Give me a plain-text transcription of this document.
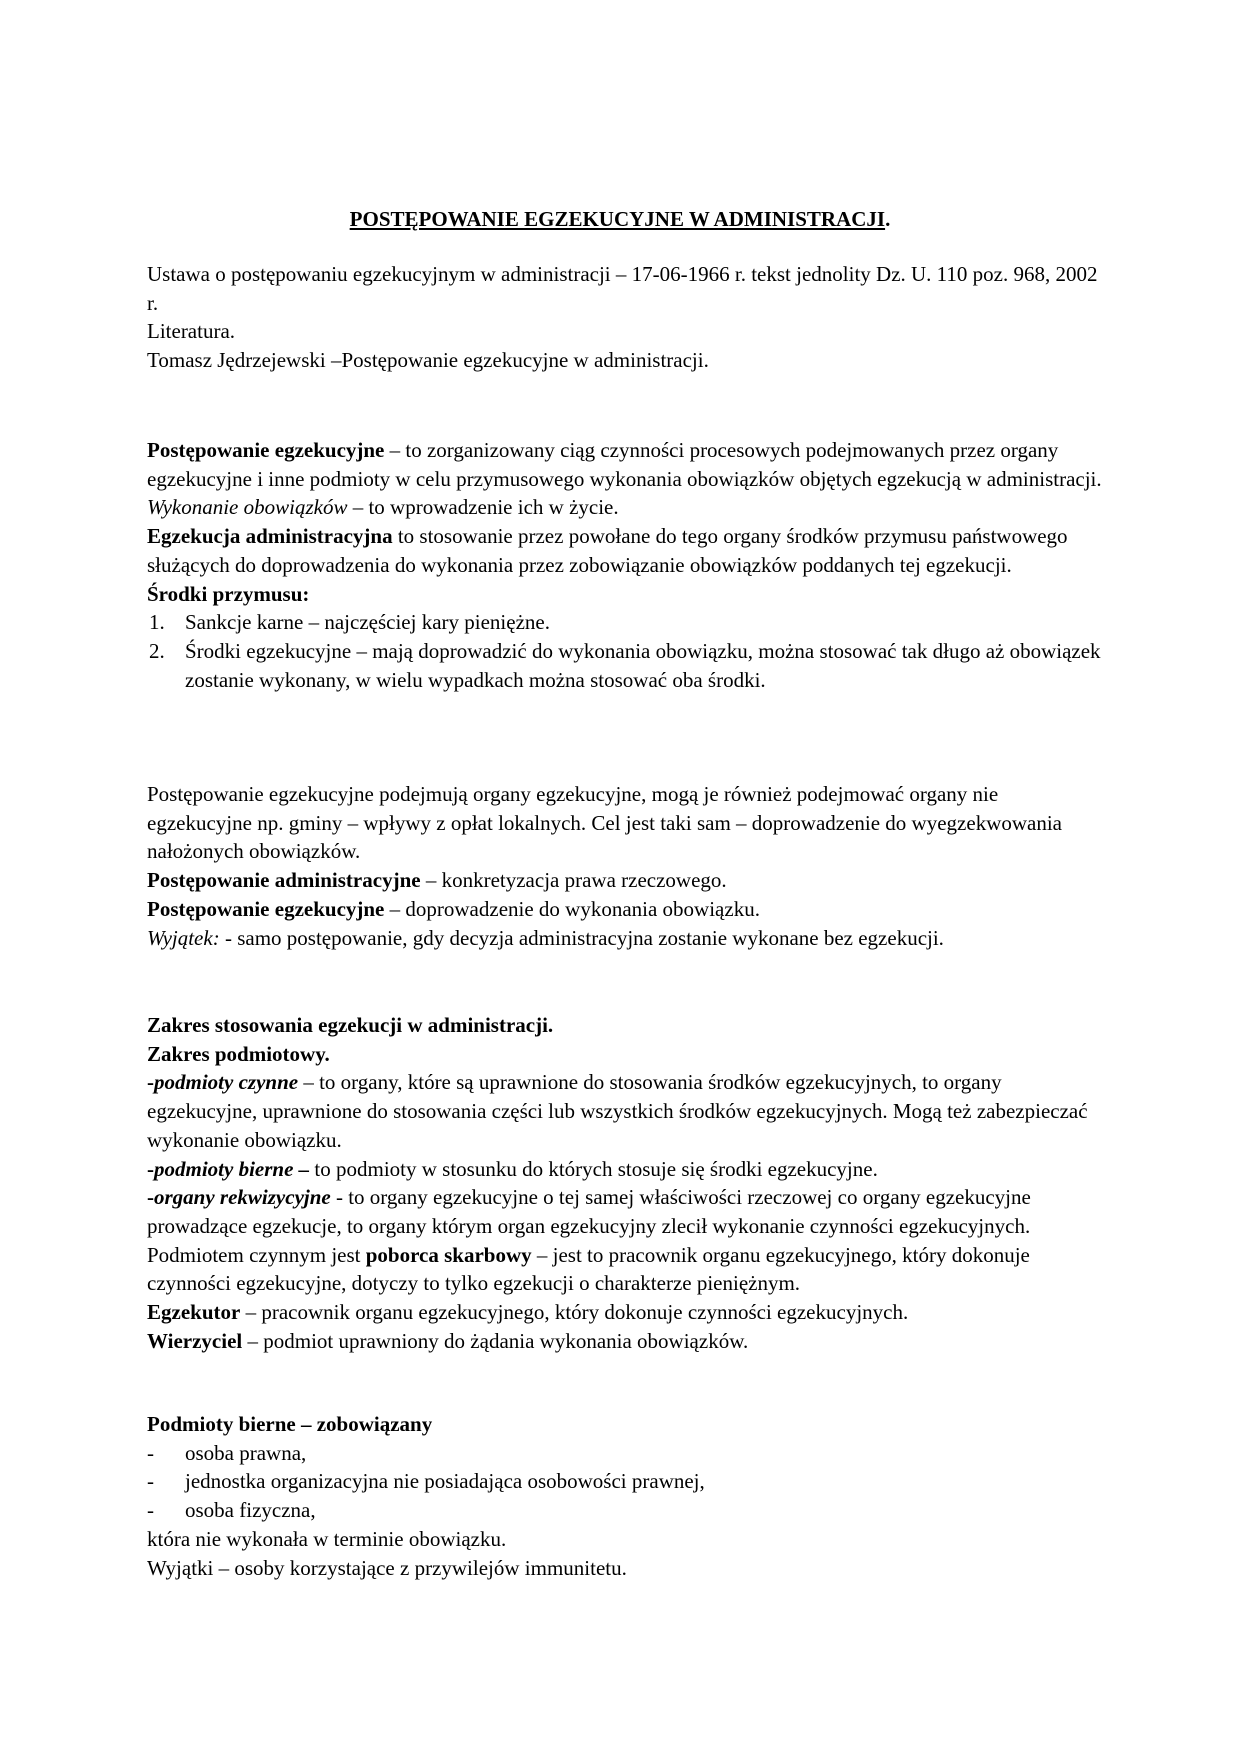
POSTĘPOWANIE EGZEKUCYJNE W ADMINISTRACJI.

Ustawa o postępowaniu egzekucyjnym w administracji – 17-06-1966 r. tekst jednolity Dz. U. 110 poz. 968, 2002 r.

Literatura.

Tomasz Jędrzejewski –Postępowanie egzekucyjne w administracji.

Postępowanie egzekucyjne – to zorganizowany ciąg czynności procesowych podejmowanych przez organy egzekucyjne i inne podmioty w celu przymusowego wykonania obowiązków objętych egzekucją w administracji.

Wykonanie obowiązków – to wprowadzenie ich w życie.

Egzekucja administracyjna to stosowanie przez powołane do tego organy środków przymusu państwowego służących do doprowadzenia do wykonania przez zobowiązanie obowiązków poddanych tej egzekucji.

Środki przymusu:

1. Sankcje karne – najczęściej kary pieniężne.
2. Środki egzekucyjne – mają doprowadzić do wykonania obowiązku, można stosować tak długo aż obowiązek zostanie wykonany, w wielu wypadkach można stosować oba środki.

Postępowanie egzekucyjne podejmują organy egzekucyjne, mogą je również podejmować organy nie egzekucyjne np. gminy – wpływy z opłat lokalnych. Cel jest taki sam – doprowadzenie do wyegzekwowania nałożonych obowiązków.

Postępowanie administracyjne – konkretyzacja prawa rzeczowego.

Postępowanie egzekucyjne – doprowadzenie do wykonania obowiązku.

Wyjątek: - samo postępowanie, gdy decyzja administracyjna zostanie wykonane bez egzekucji.

Zakres stosowania egzekucji w administracji.

Zakres podmiotowy.

-podmioty czynne – to organy, które są uprawnione do stosowania środków egzekucyjnych, to organy egzekucyjne, uprawnione do stosowania części lub wszystkich środków egzekucyjnych. Mogą też zabezpieczać wykonanie obowiązku.

-podmioty bierne – to podmioty w stosunku do których stosuje się środki egzekucyjne.

-organy rekwizycyjne - to organy egzekucyjne o tej samej właściwości rzeczowej co organy egzekucyjne prowadzące egzekucje, to organy którym organ egzekucyjny zlecił wykonanie czynności egzekucyjnych.

Podmiotem czynnym jest poborca skarbowy – jest to pracownik organu egzekucyjnego, który dokonuje czynności egzekucyjne, dotyczy to tylko egzekucji o charakterze pieniężnym.

Egzekutor – pracownik organu egzekucyjnego, który dokonuje czynności egzekucyjnych.

Wierzyciel – podmiot uprawniony do żądania wykonania obowiązków.

Podmioty bierne – zobowiązany

- osoba prawna,
- jednostka organizacyjna nie posiadająca osobowości prawnej,
- osoba fizyczna,

która nie wykonała w terminie obowiązku.

Wyjątki – osoby korzystające z przywilejów immunitetu.
